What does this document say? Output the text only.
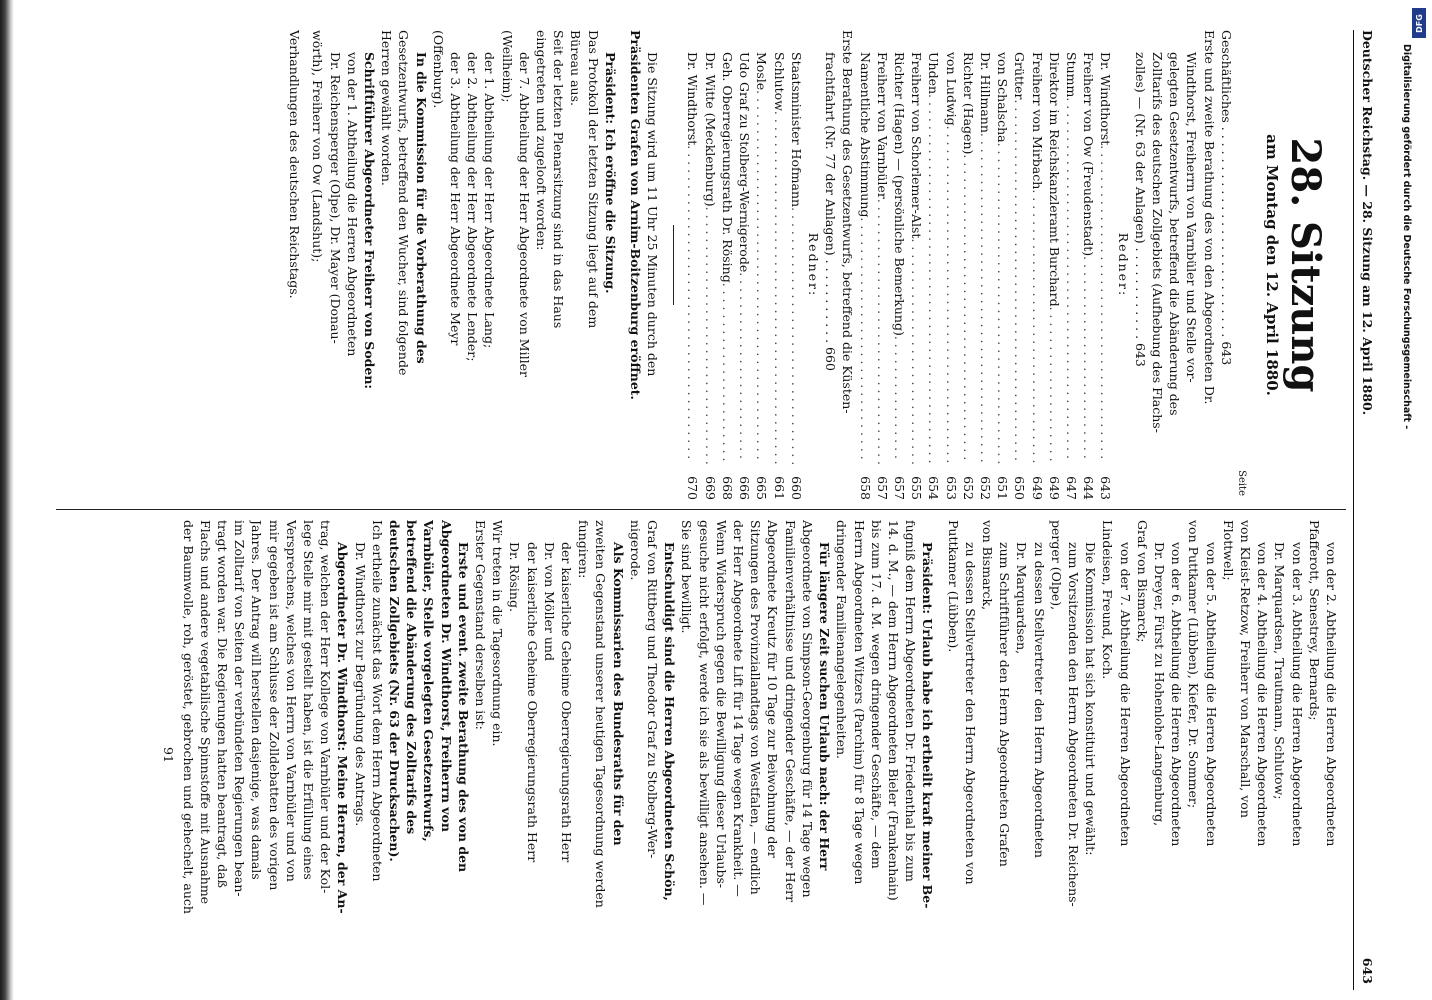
DFG
Digitalisierung gefördert durch die Deutsche Forschungsgemeinschaft -
Deutscher Reichstag. — 28. Sitzung am 12. April 1880.
643
28. Sitzung
am Montag den 12. April 1880.
Seite
Geschäftliches . . . . . . . . . . . . . . . . . . . . . . . . . . . 643
Erste und zweite Berathung des von den Abgeordneten Dr.
Windthorst, Freiherrn von Varnbüler und Stelle vor-
gelegten Gesetzentwurfs, betreffend die Abänderung des
Zolltarifs des deutschen Zollgebiets (Aufhebung des Flachs-
zolles) — (Nr. 63 der Anlagen) . . . . . . . . . . . . 643
Redner:
Dr. Windthorst
. . .
643
Freiherr von Ow (Freudenstadt)
. . .
644
Stumm
. . .
647
Direktor im Reichskanzleramt Burchard
. . .
649
Freiherr von Mirbach
. . .
649
Grütter
. . .
650
von Schalscha
. . .
651
Dr. Hillmann
. . .
652
Richter (Hagen)
. . .
652
von Ludwig
. . .
653
Uhden
. . .
654
Freiherr von Schorlemer-Alst
. . .
655
Richter (Hagen) — (persönliche Bemerkung)
. . .
657
Freiherr von Varnbüler
. . .
657
Namentliche Abstimmung
. . .
658
Erste Berathung des Gesetzentwurfs, betreffend die Küsten-
frachtfahrt (Nr. 77 der Anlagen) . . . . . . . . . . . 660
Redner:
Staatsminister Hofmann
. . .
660
Schlutow
. . .
661
Mosle
. . .
665
Udo Graf zu Stolberg-Wernigerode
. . .
666
Geh. Oberregierungsrath Dr. Rösing
. . .
668
Dr. Witte (Mecklenburg)
. . .
669
Dr. Windthorst
. . .
670
Die Sitzung wird um 11 Uhr 25 Minuten durch den
Präsidenten Grafen von Arnim-Boitzenburg eröffnet.
Präsident: Ich eröffne die Sitzung.
Das Protokoll der letzten Sitzung liegt auf dem
Büreau aus.
Seit der letzten Plenarsitzung sind in das Haus
eingetreten und zugelooft worden:
der 7. Abtheilung der Herr Abgeordnete von Miller
(Weilheim);
der 1. Abtheilung der Herr Abgeordnete Lang;
der 2. Abtheilung der Herr Abgeordnete Lender;
der 3. Abtheilung der Herr Abgeordnete Meyr
(Offenburg).
In die Kommission für die Vorberathung des
Gesetzentwurfs, betreffend den Wucher, sind folgende
Herren gewählt worden.
Schriftführer Abgeordneter Freiherr von Soden:
von der 1. Abtheilung die Herren Abgeordneten
Dr. Reichensperger (Olpe), Dr. Mayer (Donau-
wörth), Freiherr von Ow (Landshut);
Verhandlungen des deutschen Reichstags.
von der 2. Abtheilung die Herren Abgeordneten
Pfafferott, Senestrey, Bernards;
von der 3. Abtheilung die Herren Abgeordneten
Dr. Marquardsen, Trautmann, Schlutow;
von der 4. Abtheilung die Herren Abgeordneten
von Kleist-Retzow, Freiherr von Marschall, von
Flottwell;
von der 5. Abtheilung die Herren Abgeordneten
von Puttkamer (Lübben), Kiefer, Dr. Sommer;
von der 6. Abtheilung die Herren Abgeordneten
Dr. Dreyer, Fürst zu Hohenlohe-Langenburg,
Graf von Bismarck;
von der 7. Abtheilung die Herren Abgeordneten
Lindeisen, Freund, Koch.
Die Kommission hat sich konstituirt und gewählt:
zum Vorsitzenden den Herrn Abgeordneten Dr. Reichens-
perger (Olpe),
zu dessen Stellvertreter den Herrn Abgeordneten
Dr. Marquardsen,
zum Schriftführer den Herrn Abgeordneten Grafen
von Bismarck,
zu dessen Stellvertreter den Herrn Abgeordneten von
Puttkamer (Lübben).
Präsident: Urlaub habe ich ertheilt kraft meiner Be-
fugniß dem Herrn Abgeordneten Dr. Friedenthal bis zum
14. d. M., — dem Herrn Abgeordneten Bieler (Frankenhain)
bis zum 17. d. M. wegen dringender Geschäfte, — dem
Herrn Abgeordneten Witzers (Parchim) für 8 Tage wegen
dringender Familienangelegenheiten.
Für längere Zeit suchen Urlaub nach: der Herr
Abgeordnete von Simpson-Georgenburg für 14 Tage wegen
Familienverhältnisse und dringender Geschäfte, — der Herr
Abgeordnete Kreutz für 10 Tage zur Beiwohnung der
Sitzungen des Provinziallandtags von Westfalen, — endlich
der Herr Abgeordnete Lift für 14 Tage wegen Krankheit. —
Wenn Widerspruch gegen die Bewilligung dieser Urlaubs-
gesuche nicht erfolgt, werde ich sie als bewilligt ansehen. —
Sie sind bewilligt.
Entschuldigt sind die Herren Abgeordneten Schön,
Graf von Rittberg und Theodor Graf zu Stolberg-Wer-
nigerode.
Als Kommissarien des Bundesraths für den
zweiten Gegenstand unserer heutigen Tagesordnung werden
fungiren:
der kaiserliche Geheime Oberregierungsrath Herr
Dr. von Möller und
der kaiserliche Geheime Oberregierungsrath Herr
Dr. Rösing.
Wir treten in die Tagesordnung ein.
Erster Gegenstand derselben ist:
Erste und event. zweite Berathung des von den
Abgeordneten Dr. Windthorst, Freiherrn von
Varnbüler, Stelle vorgelegten Gesetzentwurfs,
betreffend die Abänderung des Zolltarifs des
deutschen Zollgebiets (Nr. 63 der Drucksachen).
Ich ertheile zunächst das Wort dem Herrn Abgeordneten
Dr. Windthorst zur Begründung des Antrags.
Abgeordneter Dr. Windthorst: Meine Herren, der An-
trag, welchen der Herr Kollege von Varnbüler und der Kol-
lege Stelle mir mit gestellt haben, ist die Erfüllung eines
Versprechens, welches von Herrn von Varnbüler und von
mir gegeben ist am Schlusse der Zolldebatten des vorigen
Jahres. Der Antrag will herstellen dasjenige, was damals
im Zolltarif von Seiten der verbündeten Regierungen bean-
tragt worden war. Die Regierungen hatten beantragt, daß
Flachs und andere vegetabilische Spinnstoffe mit Ausnahme
der Baumwolle, roh, geröstet, gebrochen und gehechelt, auch
91
